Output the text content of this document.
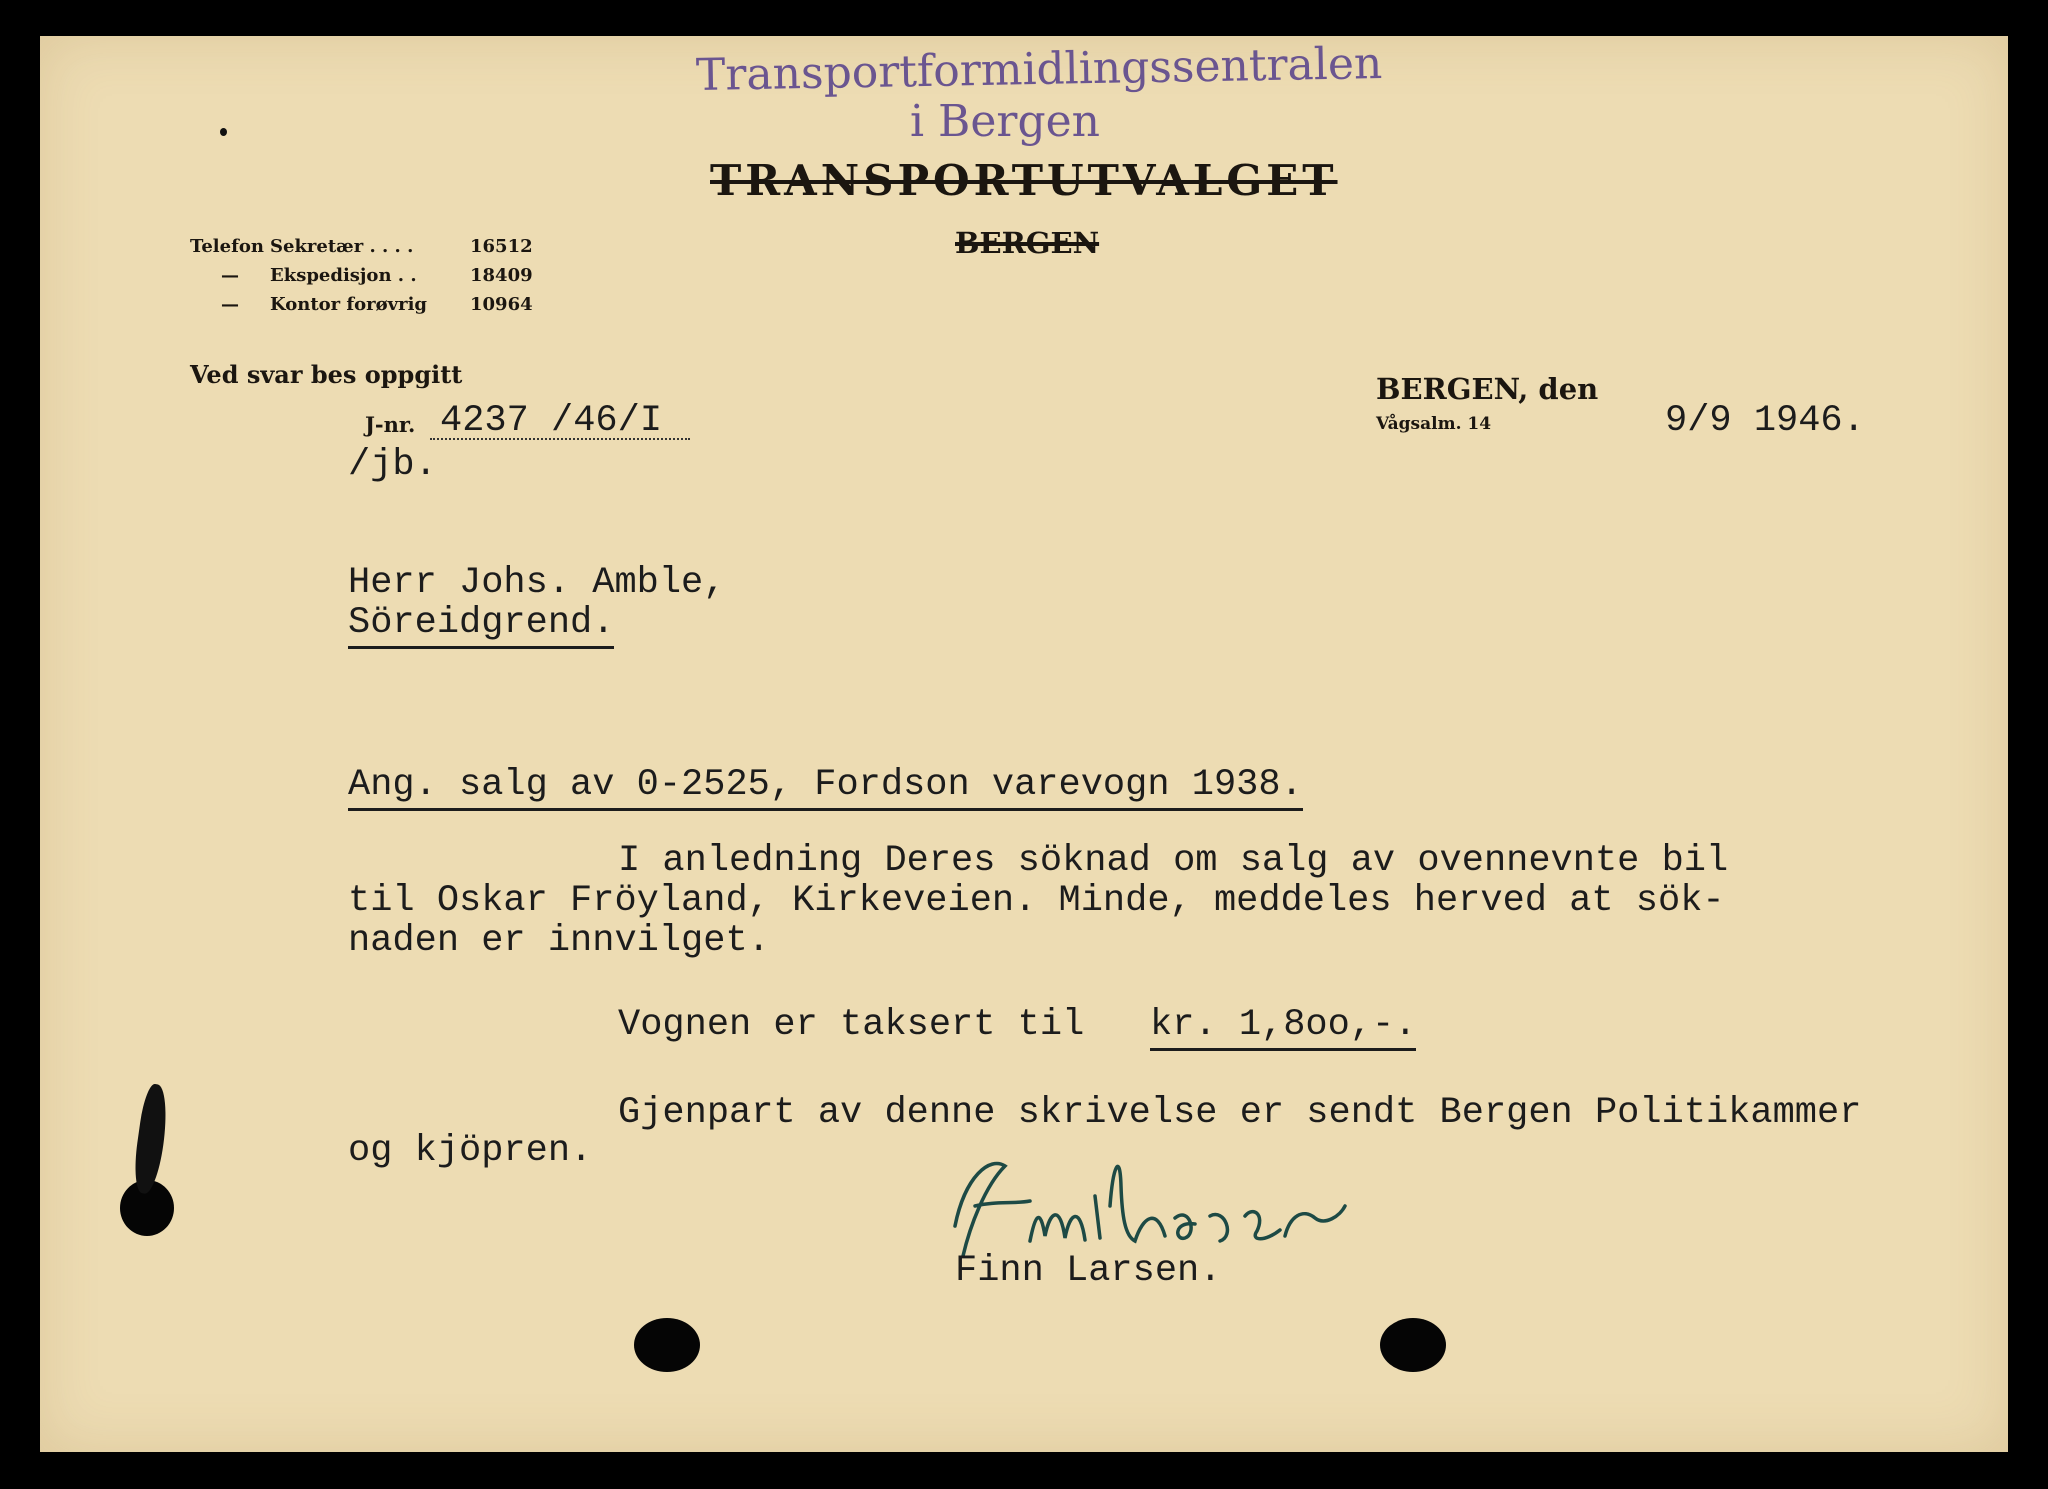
Transportformidlingssentralen
i Bergen
TRANSPORTUTVALGET
BERGEN
Telefon Sekretær . . . .	16512
— Ekspedisjon . .	18409
— Kontor forøvrig 10964
Ved svar bes oppgitt
J-nr. 4237 /46/I
/jb.
BERGEN, den
Vågsalm. 14	9/9 1946.
Herr Johs. Amble,
Söreidgrend.
Ang. salg av 0-2525, Fordson varevogn 1938.
I anledning Deres söknad om salg av ovennevnte bil
til Oskar Fröyland, Kirkeveien. Minde, meddeles herved at sök-
naden er innvilget.
Vognen er taksert til kr. 1,8oo,-.
Gjenpart av denne skrivelse er sendt Bergen Politikammer
og kjöpren.
Finn Larsen.
